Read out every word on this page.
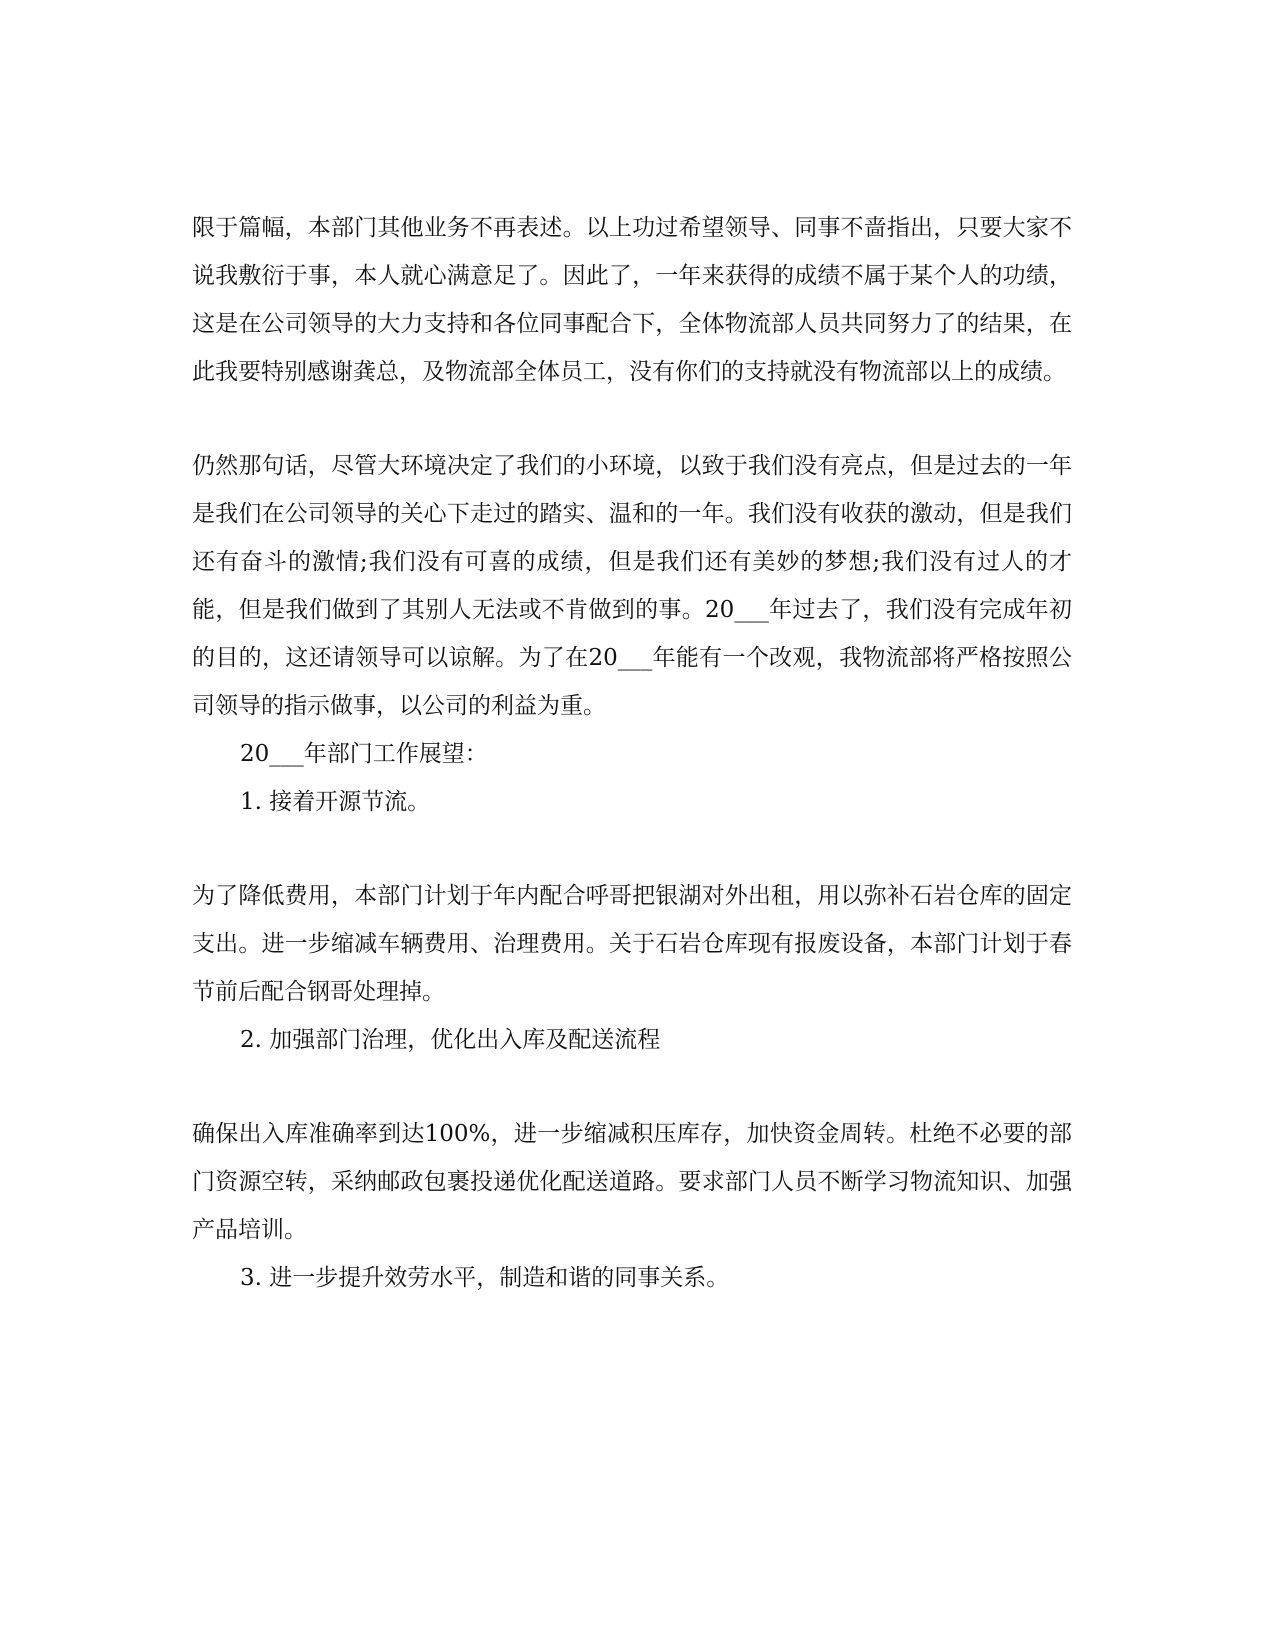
限于篇幅，本部门其他业务不再表述。以上功过希望领导、同事不啬指出，只要大家不说我敷衍于事，本人就心满意足了。因此了，一年来获得的成绩不属于某个人的功绩，这是在公司领导的大力支持和各位同事配合下，全体物流部人员共同努力了的结果，在此我要特别感谢龚总，及物流部全体员工，没有你们的支持就没有物流部以上的成绩。

仍然那句话，尽管大环境决定了我们的小环境，以致于我们没有亮点，但是过去的一年是我们在公司领导的关心下走过的踏实、温和的一年。我们没有收获的激动，但是我们还有奋斗的激情;我们没有可喜的成绩，但是我们还有美妙的梦想;我们没有过人的才能，但是我们做到了其别人无法或不肯做到的事。20___年过去了，我们没有完成年初的目的，这还请领导可以谅解。为了在20___年能有一个改观，我物流部将严格按照公司领导的指示做事，以公司的利益为重。

20___年部门工作展望：

1. 接着开源节流。

为了降低费用，本部门计划于年内配合呼哥把银湖对外出租，用以弥补石岩仓库的固定支出。进一步缩减车辆费用、治理费用。关于石岩仓库现有报废设备，本部门计划于春节前后配合钢哥处理掉。

2. 加强部门治理，优化出入库及配送流程

确保出入库准确率到达100%，进一步缩减积压库存，加快资金周转。杜绝不必要的部门资源空转，采纳邮政包裹投递优化配送道路。要求部门人员不断学习物流知识、加强产品培训。

3. 进一步提升效劳水平，制造和谐的同事关系。
